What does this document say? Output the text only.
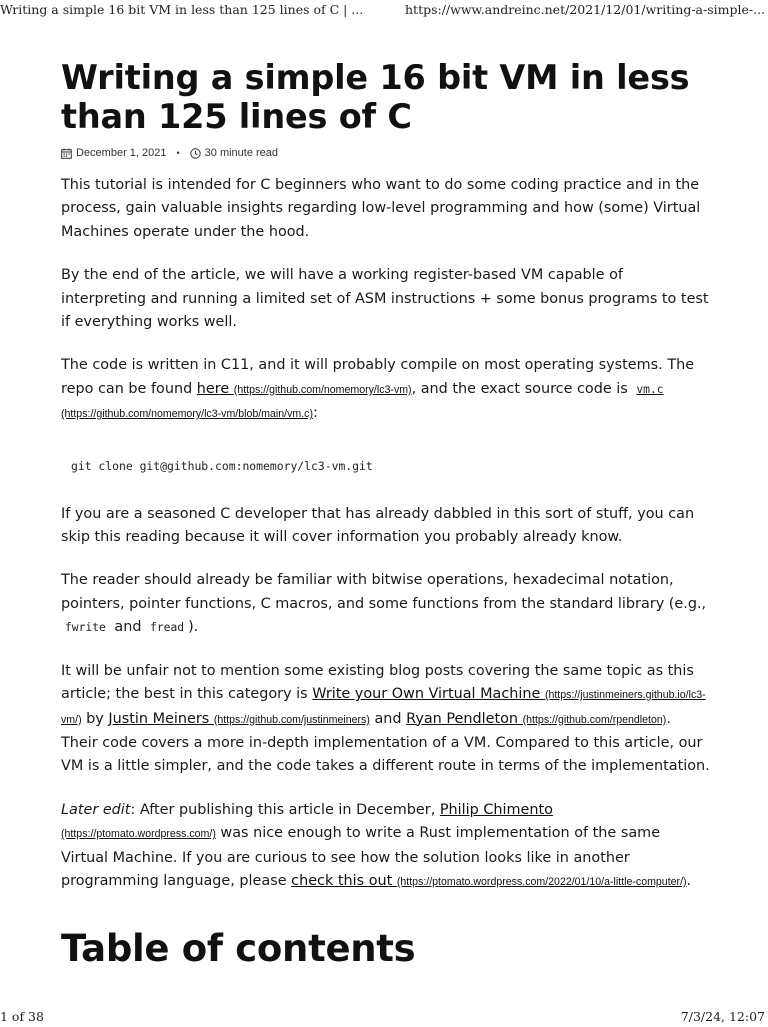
Writing a simple 16 bit VM in less than 125 lines of C | ...	https://www.andreinc.net/2021/12/01/writing-a-simple-...
Writing a simple 16 bit VM in less than 125 lines of C
December 1, 2021 • 30 minute read

This tutorial is intended for C beginners who want to do some coding practice and in the process, gain valuable insights regarding low-level programming and how (some) Virtual Machines operate under the hood.

By the end of the article, we will have a working register-based VM capable of interpreting and running a limited set of ASM instructions + some bonus programs to test if everything works well.

The code is written in C11, and it will probably compile on most operating systems. The repo can be found here (https://github.com/nomemory/lc3-vm), and the exact source code is vm.c (https://github.com/nomemory/lc3-vm/blob/main/vm.c):

git clone git@github.com:nomemory/lc3-vm.git

If you are a seasoned C developer that has already dabbled in this sort of stuff, you can skip this reading because it will cover information you probably already know.

The reader should already be familiar with bitwise operations, hexadecimal notation, pointers, pointer functions, C macros, and some functions from the standard library (e.g., fwrite and fread ).

It will be unfair not to mention some existing blog posts covering the same topic as this article; the best in this category is Write your Own Virtual Machine (https://justinmeiners.github.io/lc3-vm/) by Justin Meiners (https://github.com/justinmeiners) and Ryan Pendleton (https://github.com/rpendleton). Their code covers a more in-depth implementation of a VM. Compared to this article, our VM is a little simpler, and the code takes a different route in terms of the implementation.

Later edit: After publishing this article in December, Philip Chimento (https://ptomato.wordpress.com/) was nice enough to write a Rust implementation of the same Virtual Machine. If you are curious to see how the solution looks like in another programming language, please check this out (https://ptomato.wordpress.com/2022/01/10/a-little-computer/).

Table of contents
1 of 38	7/3/24, 12:07
